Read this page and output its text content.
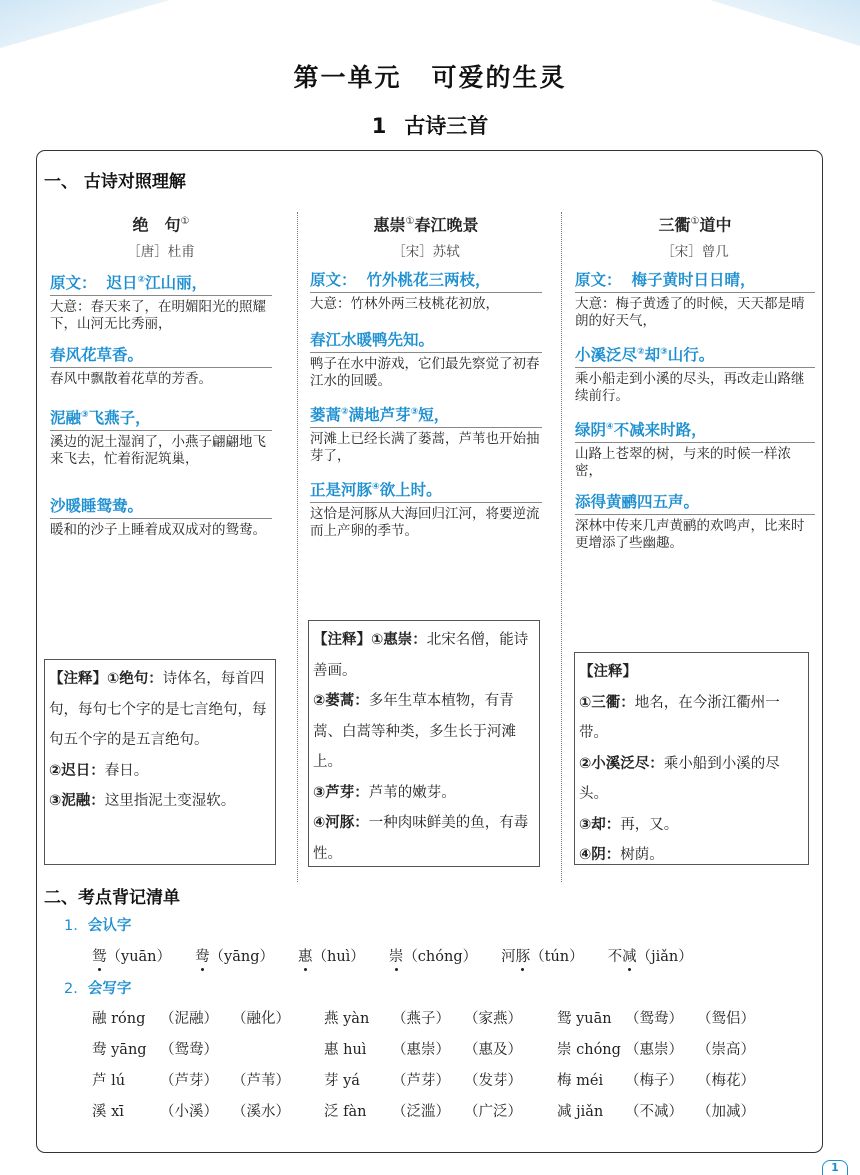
第一单元 可爱的生灵
1 古诗三首
一、 古诗对照理解
绝　句①
［唐］杜甫
原文： 迟日②江山丽，
大意：春天来了，在明媚阳光的照耀下，山河无比秀丽，
春风花草香。
春风中飘散着花草的芳香。
泥融③飞燕子，
溪边的泥土湿润了，小燕子翩翩地飞来飞去，忙着衔泥筑巢，
沙暖睡鸳鸯。
暖和的沙子上睡着成双成对的鸳鸯。
惠崇①春江晚景
［宋］苏轼
原文： 竹外桃花三两枝，
大意：竹林外两三枝桃花初放，
春江水暖鸭先知。
鸭子在水中游戏，它们最先察觉了初春江水的回暖。
蒌蒿②满地芦芽③短，
河滩上已经长满了蒌蒿，芦苇也开始抽芽了，
正是河豚④欲上时。
这恰是河豚从大海回归江河，将要逆流而上产卵的季节。
三衢①道中
［宋］曾几
原文： 梅子黄时日日晴，
大意：梅子黄透了的时候，天天都是晴朗的好天气，
小溪泛尽②却③山行。
乘小船走到小溪的尽头，再改走山路继续前行。
绿阴④不减来时路，
山路上苍翠的树，与来的时候一样浓密，
添得黄鹂四五声。
深林中传来几声黄鹂的欢鸣声，比来时更增添了些幽趣。
【注释】①绝句：诗体名，每首四句，每句七个字的是七言绝句，每句五个字的是五言绝句。
②迟日：春日。
③泥融：这里指泥土变湿软。
【注释】①惠崇：北宋名僧，能诗善画。
②蒌蒿：多年生草本植物，有青蒿、白蒿等种类，多生长于河滩上。
③芦芽：芦苇的嫩芽。
④河豚：一种肉味鲜美的鱼，有毒性。
【注释】
①三衢：地名，在今浙江衢州一带。
②小溪泛尽：乘小船到小溪的尽头。
③却：再，又。
④阴：树荫。
二、考点背记清单
1. 会认字
鸳（yuān） 鸯（yāng） 惠（huì） 崇（chóng） 河豚（tún） 不减（jiǎn）
2. 会写字
融 róng （泥融） （融化） 燕 yàn （燕子） （家燕） 鸳 yuān （鸳鸯） （鸳侣）
鸯 yāng （鸳鸯）	惠 huì （惠崇） （惠及） 崇 chóng （惠崇） （崇高）
芦 lú （芦芽） （芦苇） 芽 yá （芦芽） （发芽） 梅 méi （梅子） （梅花）
溪 xī （小溪） （溪水） 泛 fàn （泛滥） （广泛） 减 jiǎn （不减） （加减）
1
